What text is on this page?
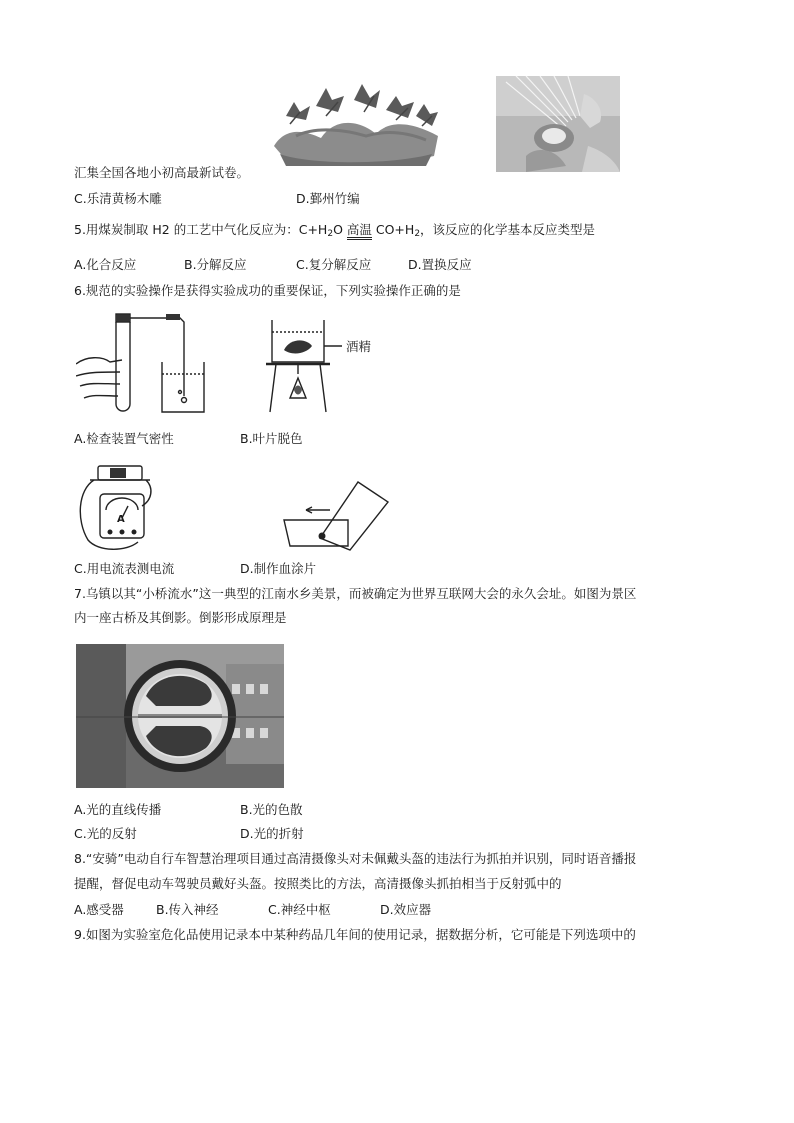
汇集全国各地小初高最新试卷。
C.乐清黄杨木雕	D.鄞州竹编
5.用煤炭制取 H2 的工艺中气化反应为：$C+H_2O$ 高温 $CO+H_2$，该反应的化学基本反应类型是
A.化合反应	B.分解反应	C.复分解反应	D.置换反应
6.规范的实验操作是获得实验成功的重要保证，下列实验操作正确的是
酒精
A.检查装置气密性	B.叶片脱色
A
C.用电流表测电流	D.制作血涂片
7.乌镇以其“小桥流水”这一典型的江南水乡美景，而被确定为世界互联网大会的永久会址。如图为景区
内一座古桥及其倒影。倒影形成原理是
A.光的直线传播	B.光的色散
C.光的反射	D.光的折射
8.“安骑”电动自行车智慧治理项目通过高清摄像头对未佩戴头盔的违法行为抓拍并识别，同时语音播报
提醒，督促电动车驾驶员戴好头盔。按照类比的方法，高清摄像头抓拍相当于反射弧中的
A.感受器	B.传入神经	C.神经中枢	D.效应器
9.如图为实验室危化品使用记录本中某种药品几年间的使用记录，据数据分析，它可能是下列选项中的
